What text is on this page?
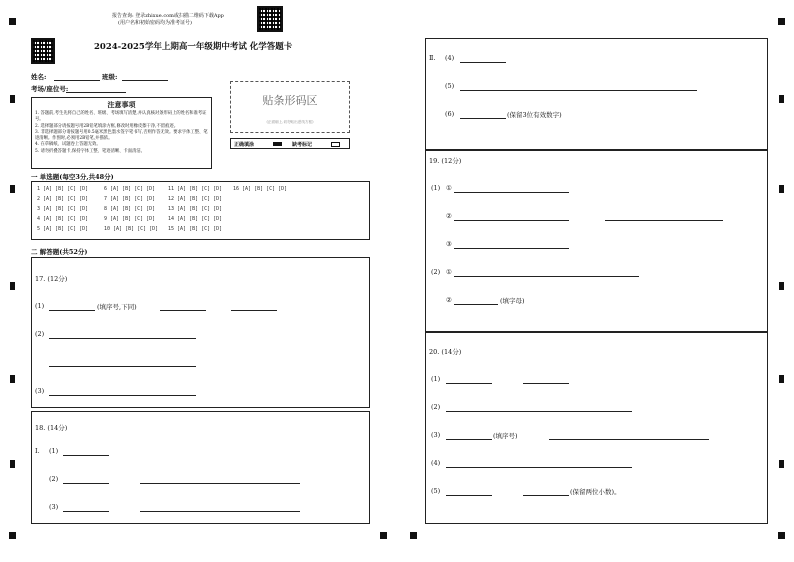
报告查询: 登录zhixue.com或扫描二维码下载App
(用户名和初始密码均为准考证号)
2024-2025学年上期高一年级期中考试 化学答题卡
姓名:	班级:
考场/座位号:
注意事项
1. 答题前,考生先将自己的姓名、班级、考场填写清楚,并认真核对条形码上的姓名和准考证号。
2. 选择题部分请按题号用2B铅笔填涂方框,修改时用橡皮擦干净,不留痕迹。
3. 非选择题部分请按题号用0.5毫米黑色墨水签字笔书写,否则作答无效。要求字体工整、笔迹清晰。作图时,必须用2B铅笔,并描浓。
4. 在草稿纸、试题卷上答题无效。
5. 请勿折叠答题卡,保持字体工整、笔迹清晰、卡面清洁。
贴条形码区
(正面朝上,切勿贴出虚线方框)
正确填涂	缺考标记
一 单选题(每空3分,共48分)
1 [A] [B] [C] [D]
2 [A] [B] [C] [D]
3 [A] [B] [C] [D]
4 [A] [B] [C] [D]
5 [A] [B] [C] [D]
6 [A] [B] [C] [D]
7 [A] [B] [C] [D]
8 [A] [B] [C] [D]
9 [A] [B] [C] [D]
10 [A] [B] [C] [D]
11 [A] [B] [C] [D]
12 [A] [B] [C] [D]
13 [A] [B] [C] [D]
14 [A] [B] [C] [D]
15 [A] [B] [C] [D]
16 [A] [B] [C] [D]
二 解答题(共52分)
17. (12分)
(1)	(填序号,下同)
(2)
(3)
18. (14分)
Ⅰ. (1)
(2)
(3)
Ⅱ. (4)
(5)
(6)	(保留3位有效数字)
19. (12分)
(1) ①
②
③
(2) ①
②	(填字母)
20. (14分)
(1)
(2)
(3)	(填序号)
(4)
(5)	(保留两位小数)。
